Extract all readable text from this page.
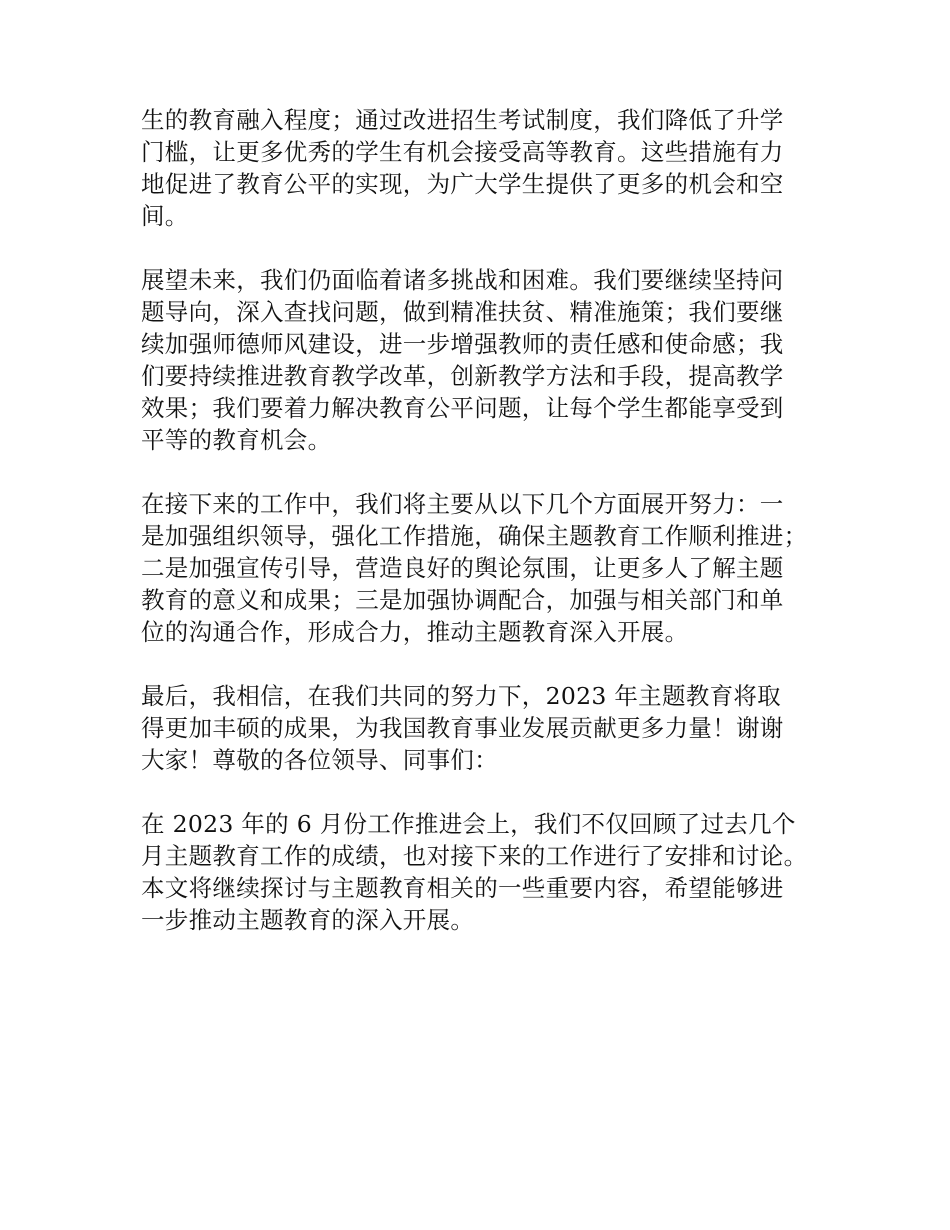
生的教育融入程度；通过改进招生考试制度，我们降低了升学
门槛，让更多优秀的学生有机会接受高等教育。这些措施有力
地促进了教育公平的实现，为广大学生提供了更多的机会和空
间。

展望未来，我们仍面临着诸多挑战和困难。我们要继续坚持问
题导向，深入查找问题，做到精准扶贫、精准施策；我们要继
续加强师德师风建设，进一步增强教师的责任感和使命感；我
们要持续推进教育教学改革，创新教学方法和手段，提高教学
效果；我们要着力解决教育公平问题，让每个学生都能享受到
平等的教育机会。

在接下来的工作中，我们将主要从以下几个方面展开努力：一
是加强组织领导，强化工作措施，确保主题教育工作顺利推进；
二是加强宣传引导，营造良好的舆论氛围，让更多人了解主题
教育的意义和成果；三是加强协调配合，加强与相关部门和单
位的沟通合作，形成合力，推动主题教育深入开展。

最后，我相信，在我们共同的努力下，2023 年主题教育将取
得更加丰硕的成果，为我国教育事业发展贡献更多力量！谢谢
大家！尊敬的各位领导、同事们：

在 2023 年的 6 月份工作推进会上，我们不仅回顾了过去几个
月主题教育工作的成绩，也对接下来的工作进行了安排和讨论。
本文将继续探讨与主题教育相关的一些重要内容，希望能够进
一步推动主题教育的深入开展。
